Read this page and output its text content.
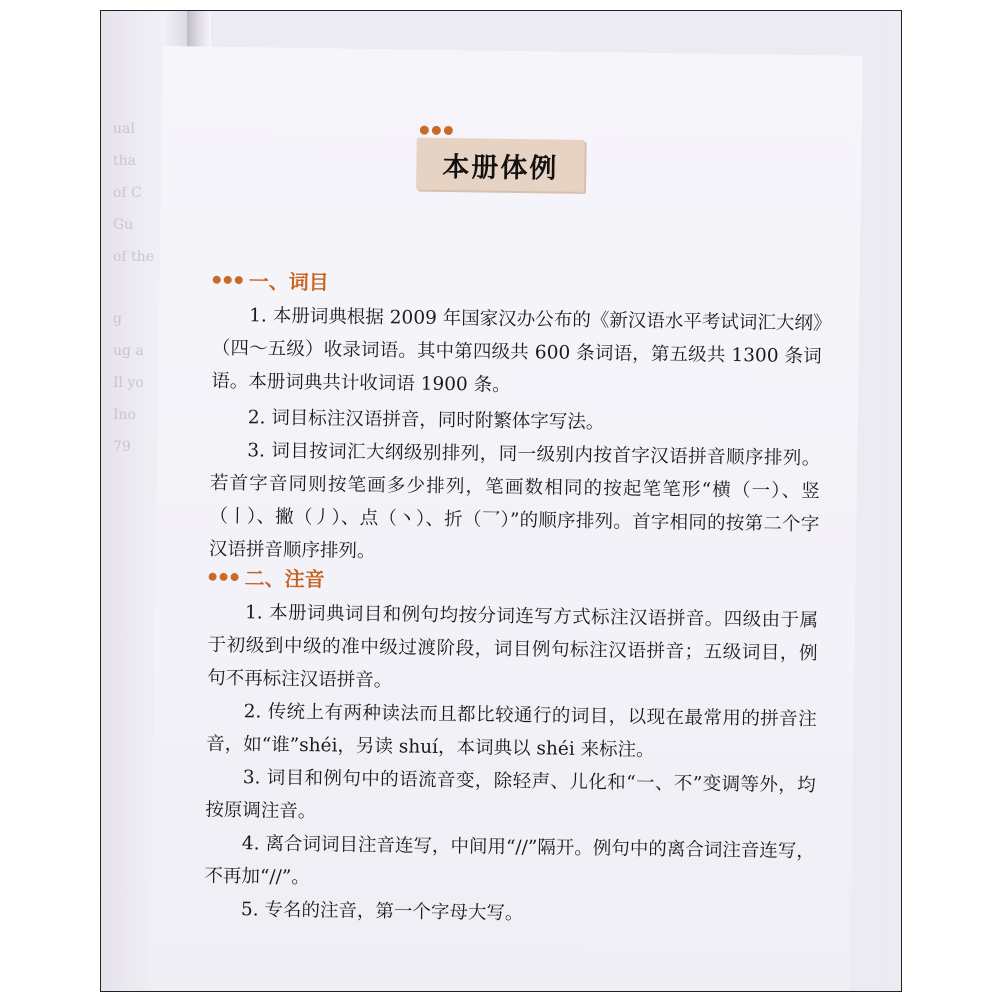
ual

tha

of C

Gu

of the
g

ug a

Il yo

Ino

79
本册体例
一、词目

1. 本册词典根据 2009 年国家汉办公布的《新汉语水平考试词汇大纲》（四～五级）收录词语。其中第四级共 600 条词语，第五级共 1300 条词语。本册词典共计收词语 1900 条。

2. 词目标注汉语拼音，同时附繁体字写法。

3. 词目按词汇大纲级别排列，同一级别内按首字汉语拼音顺序排列。若首字音同则按笔画多少排列，笔画数相同的按起笔笔形“横（一）、竖（丨）、撇（丿）、点（丶）、折（乛）”的顺序排列。首字相同的按第二个字汉语拼音顺序排列。

二、注音

1. 本册词典词目和例句均按分词连写方式标注汉语拼音。四级由于属于初级到中级的准中级过渡阶段，词目例句标注汉语拼音；五级词目，例句不再标注汉语拼音。

2. 传统上有两种读法而且都比较通行的词目，以现在最常用的拼音注音，如“谁”shéi，另读 shuí，本词典以 shéi 来标注。

3. 词目和例句中的语流音变，除轻声、儿化和“一、不”变调等外，均按原调注音。

4. 离合词词目注音连写，中间用“//”隔开。例句中的离合词注音连写，不再加“//”。

5. 专名的注音，第一个字母大写。
